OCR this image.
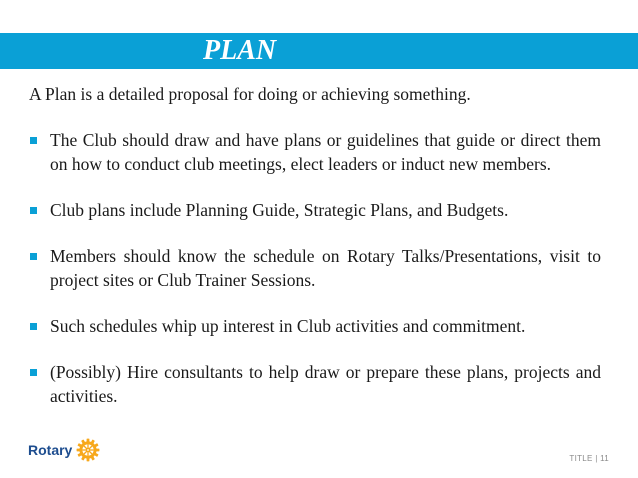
PLAN

A Plan is a detailed proposal for doing or achieving something.

The Club should draw and have plans or guidelines that guide or direct them on how to conduct club meetings, elect leaders or induct new members.
Club plans include Planning Guide, Strategic Plans, and Budgets.
Members should know the schedule on Rotary Talks/Presentations, visit to project sites or Club Trainer Sessions.
Such schedules whip up interest in Club activities and commitment.
(Possibly) Hire consultants to help draw or prepare these plans, projects and activities.
Rotary
TITLE | 11
